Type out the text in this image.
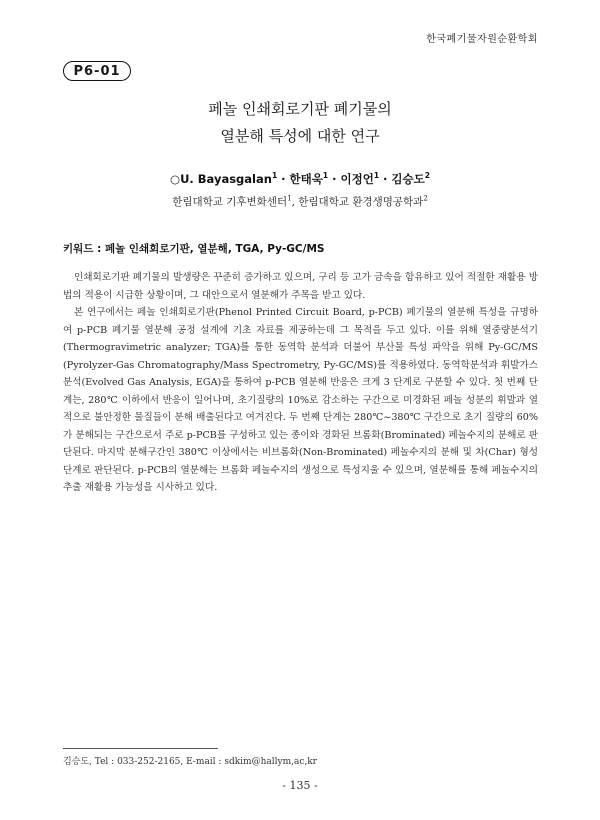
한국폐기물자원순환학회
P6-01
페놀 인쇄회로기판 폐기물의
열분해 특성에 대한 연구
○U. Bayasgalan$^1$ · 한태욱$^1$ · 이정언$^1$ · 김승도$^2$
한림대학교 기후변화센터$^1$, 한림대학교 환경생명공학과$^2$
키워드 : 페놀 인쇄회로기판, 열분해, TGA, Py-GC/MS

인쇄회로기판 폐기물의 발생량은 꾸준히 증가하고 있으며, 구리 등 고가 금속을 함유하고 있어 적절한 재활용 방법의 적용이 시급한 상황이며, 그 대안으로서 열분해가 주목을 받고 있다.

본 연구에서는 페놀 인쇄회로기판(Phenol Printed Circuit Board, p-PCB) 폐기물의 열분해 특성을 규명하여 p-PCB 폐기물 열분해 공정 설계에 기초 자료를 제공하는데 그 목적을 두고 있다. 이를 위해 열중량분석기(Thermogravimetric analyzer; TGA)를 통한 동역학 분석과 더불어 부산물 특성 파악을 위해 Py-GC/MS (Pyrolyzer-Gas Chromatography/Mass Spectrometry, Py-GC/MS)를 적용하였다. 동역학분석과 휘발가스분석(Evolved Gas Analysis, EGA)을 통하여 p-PCB 열분해 반응은 크게 3 단계로 구분할 수 있다. 첫 번째 단계는, 280℃ 이하에서 반응이 일어나며, 초기질량의 10%로 감소하는 구간으로 미경화된 페놀 성분의 휘발과 열적으로 불안정한 물질들이 분해 배출된다고 여겨진다. 두 번째 단계는 280℃~380℃ 구간으로 초기 질량의 60%가 분해되는 구간으로서 주로 p-PCB를 구성하고 있는 종이와 경화된 브롬화(Brominated) 페놀수지의 분해로 판단된다. 마지막 분해구간인 380℃ 이상에서는 비브롬화(Non-Brominated) 페놀수지의 분해 및 차(Char) 형성 단계로 판단된다. p-PCB의 열분해는 브롬화 페놀수지의 생성으로 특성지울 수 있으며, 열분해를 통해 페놀수지의 추출 재활용 가능성을 시사하고 있다.

김승도, Tel : 033-252-2165, E-mail : sdkim@hallym,ac,kr
- 135 -
